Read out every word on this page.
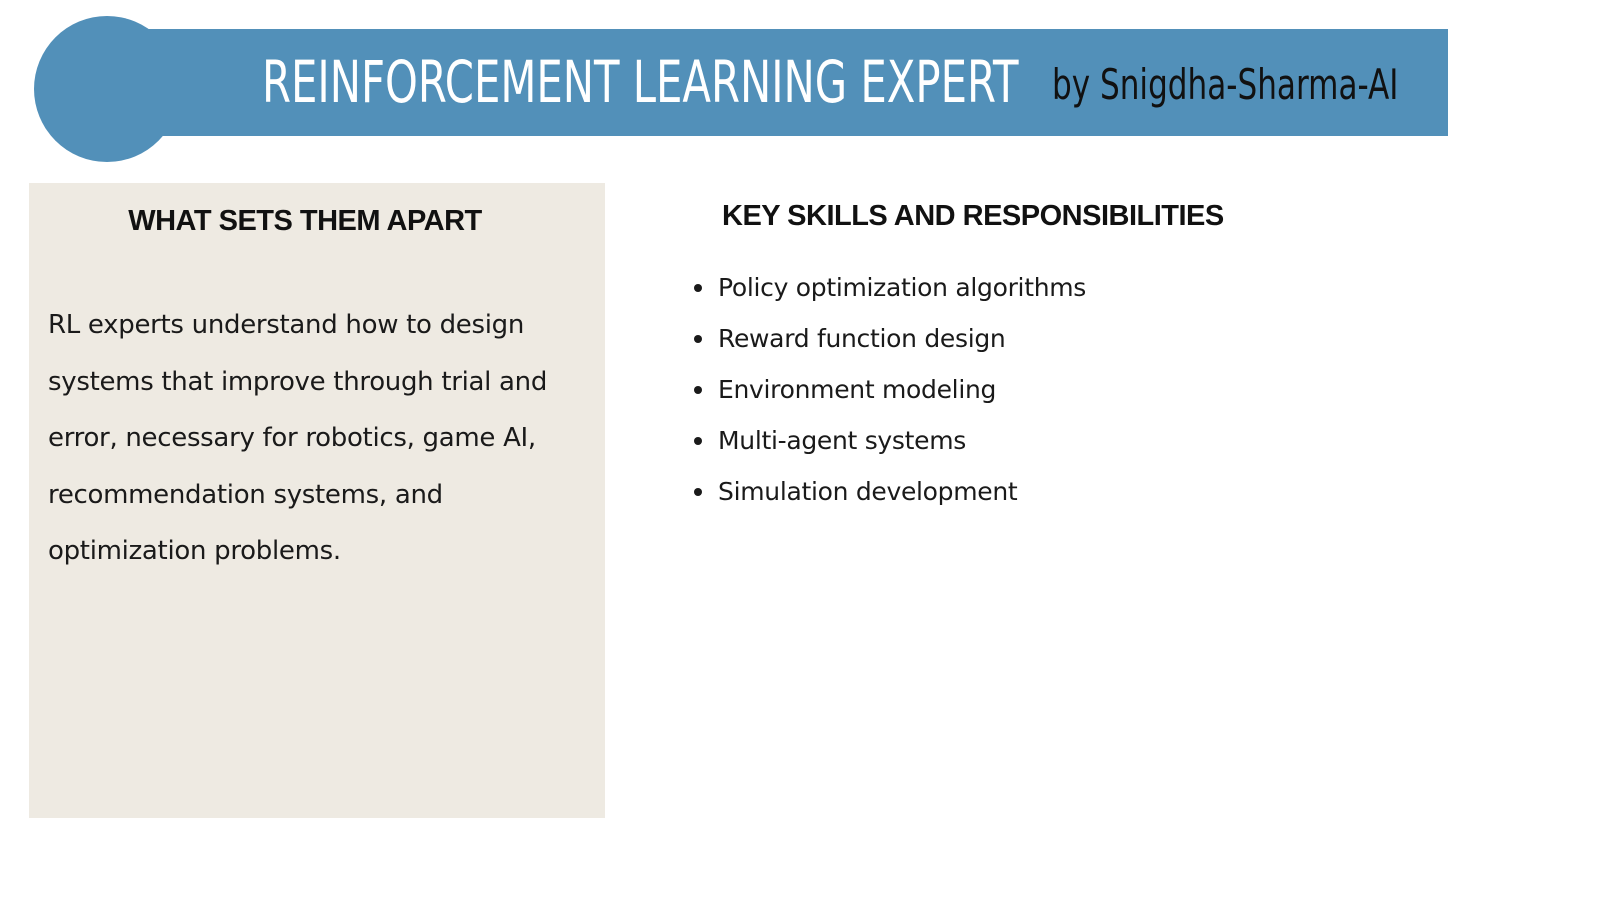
REINFORCEMENT LEARNING EXPERT by Snigdha-Sharma-AI
WHAT SETS THEM APART
RL experts understand how to design systems that improve through trial and error, necessary for robotics, game AI, recommendation systems, and optimization problems.
KEY SKILLS AND RESPONSIBILITIES
Policy optimization algorithms
Reward function design
Environment modeling
Multi-agent systems
Simulation development
